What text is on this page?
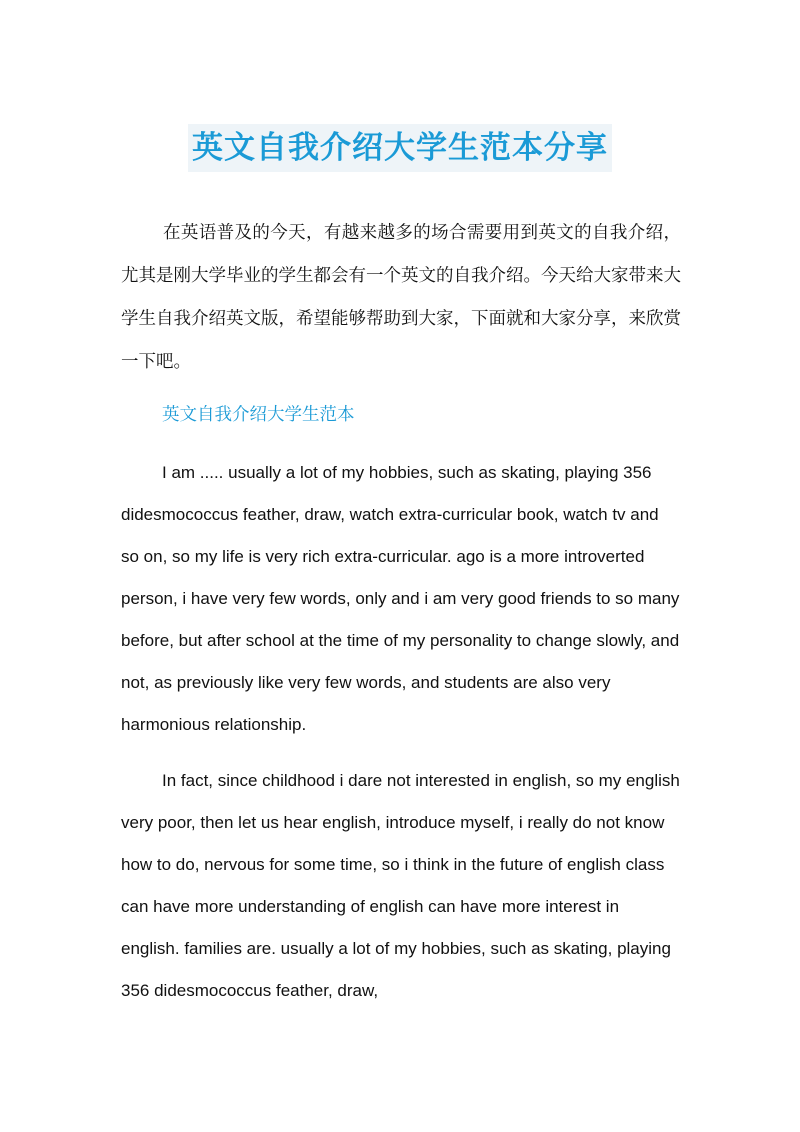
英文自我介绍大学生范本分享

在英语普及的今天，有越来越多的场合需要用到英文的自我介绍，尤其是刚大学毕业的学生都会有一个英文的自我介绍。今天给大家带来大学生自我介绍英文版，希望能够帮助到大家，下面就和大家分享，来欣赏一下吧。

英文自我介绍大学生范本

I am ..... usually a lot of my hobbies, such as skating, playing 356 didesmococcus feather, draw, watch extra-curricular book, watch tv and so on, so my life is very rich extra-curricular. ago is a more introverted person, i have very few words, only and i am very good friends to so many before, but after school at the time of my personality to change slowly, and not, as previously like very few words, and students are also very harmonious relationship.

In fact, since childhood i dare not interested in english, so my english very poor, then let us hear english, introduce myself, i really do not know how to do, nervous for some time, so i think in the future of english class can have more understanding of english can have more interest in english. families are. usually a lot of my hobbies, such as skating, playing 356 didesmococcus feather, draw,
